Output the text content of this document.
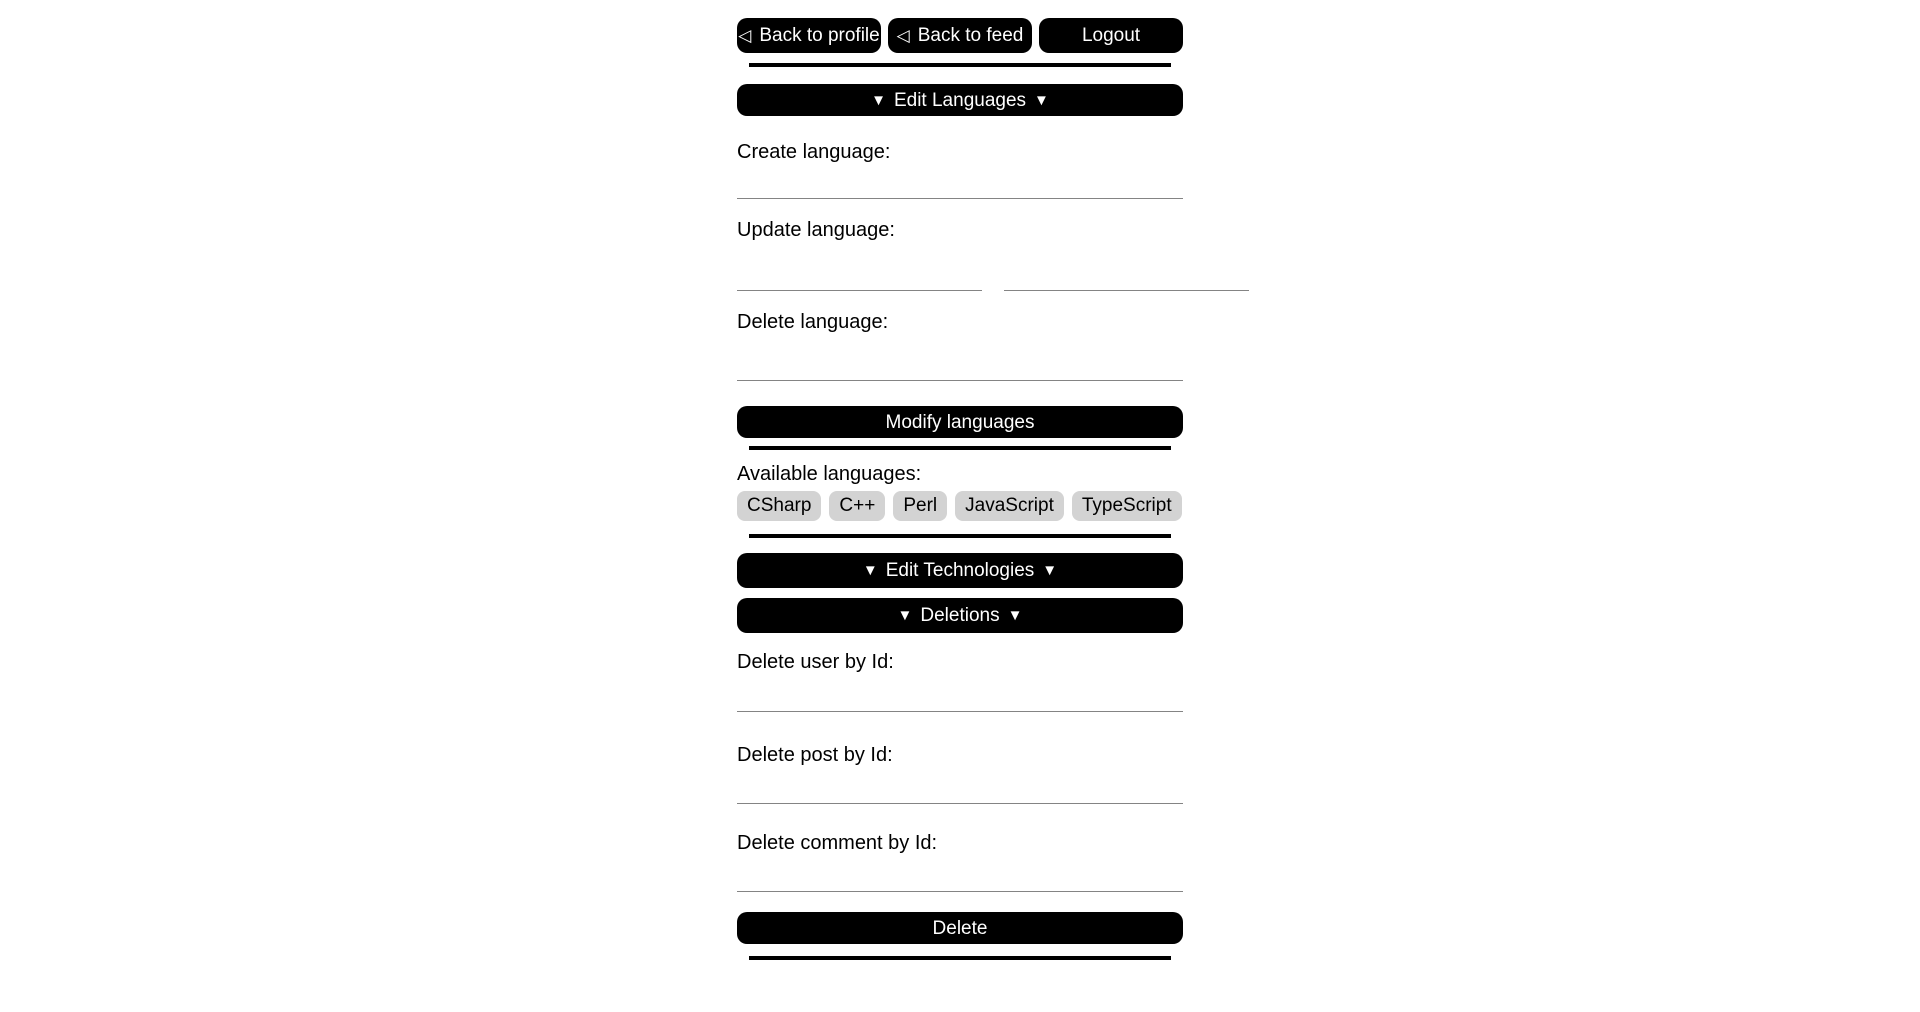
◁ Back to profile ◁ Back to feed	Logout
▼ Edit Languages ▼
Create language:
Update language:
Delete language:
Modify languages
Available languages:
CSharp	C++	Perl	JavaScript	TypeScript
▼ Edit Technologies ▼
▼ Deletions ▼
Delete user by Id:
Delete post by Id:
Delete comment by Id:
Delete
